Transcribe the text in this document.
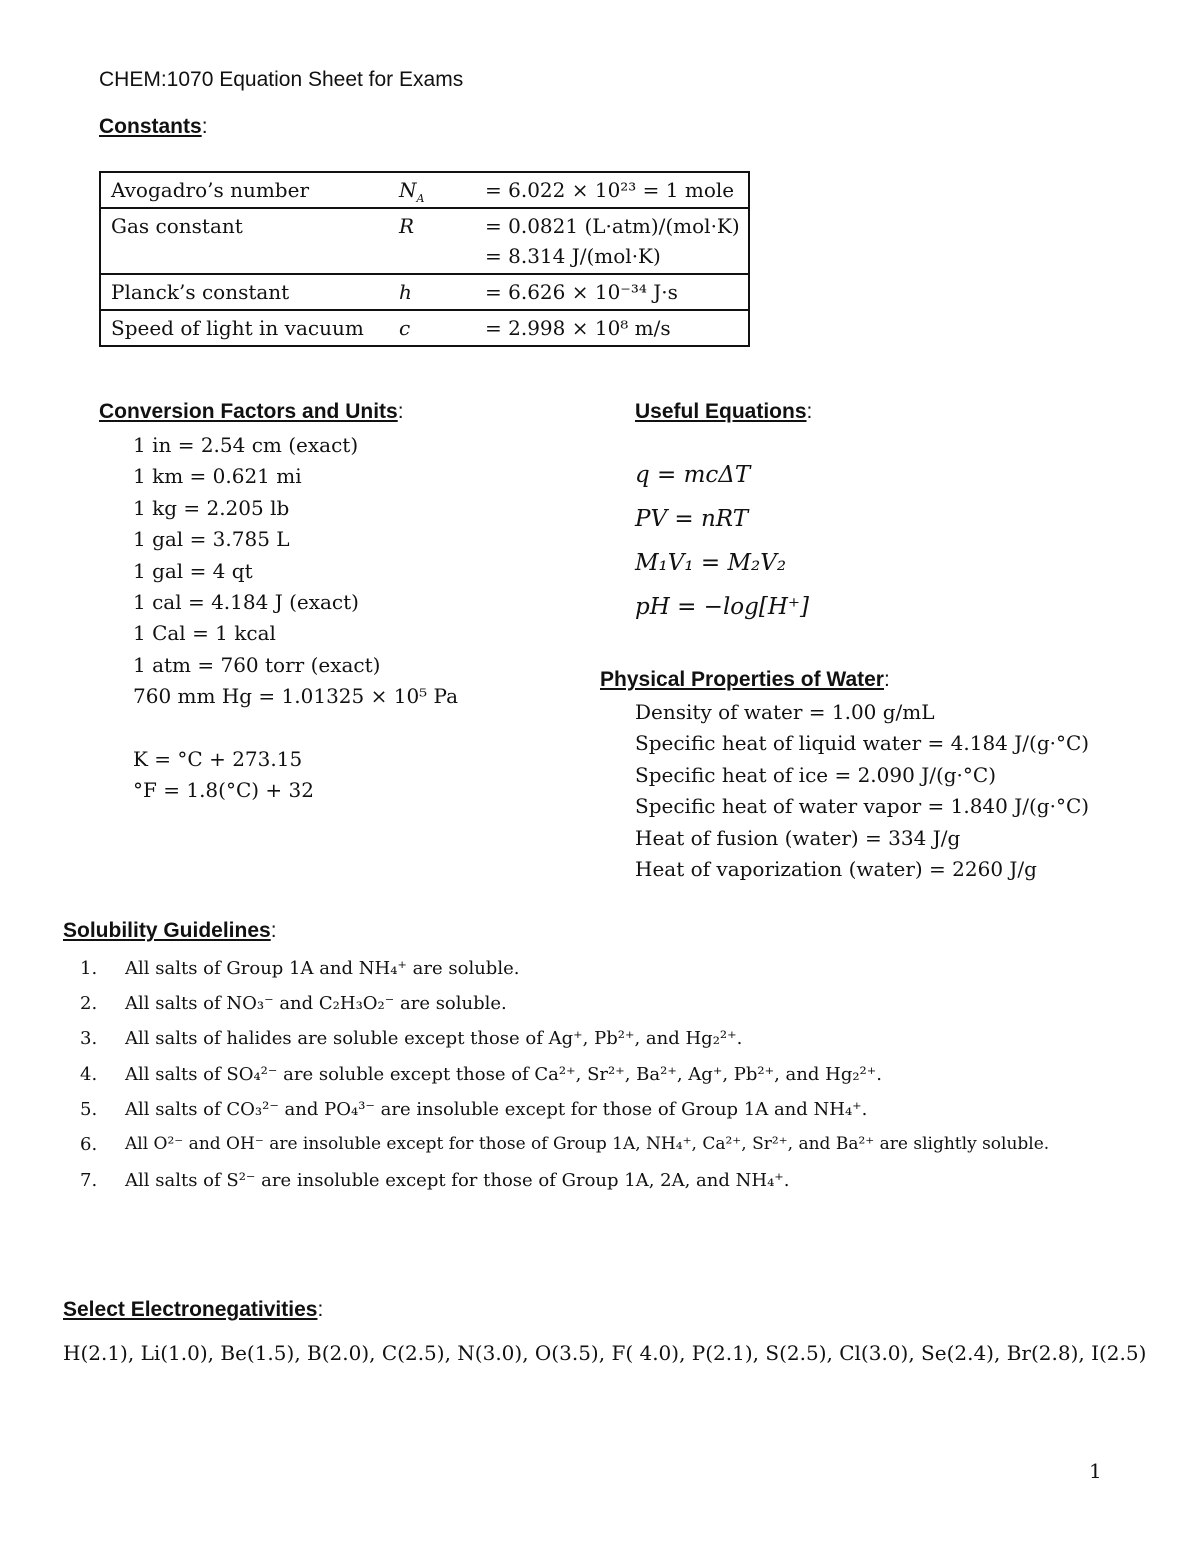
CHEM:1070 Equation Sheet for Exams
Constants:
Avogadro’s number	$N_A$	= 6.022 × 10²³ = 1 mole

Gas constant	R	= 0.0821 (L·atm)/(mol·K)
= 8.314 J/(mol·K)

Planck’s constant	h	= 6.626 × 10⁻³⁴ J·s

Speed of light in vacuum	c	= 2.998 × 10⁸ m/s
Conversion Factors and Units:
1 in = 2.54 cm (exact)
1 km = 0.621 mi
1 kg = 2.205 lb
1 gal = 3.785 L
1 gal = 4 qt
1 cal = 4.184 J (exact)
1 Cal = 1 kcal
1 atm = 760 torr (exact)
760 mm Hg = 1.01325 × 10⁵ Pa
K = °C + 273.15
°F = 1.8(°C) + 32
Useful Equations:
q = mcΔT
PV = nRT
M₁V₁ = M₂V₂
pH = −log[H⁺]
Physical Properties of Water:
Density of water = 1.00 g/mL
Specific heat of liquid water = 4.184 J/(g·°C)
Specific heat of ice = 2.090 J/(g·°C)
Specific heat of water vapor = 1.840 J/(g·°C)
Heat of fusion (water) = 334 J/g
Heat of vaporization (water) = 2260 J/g
Solubility Guidelines:
1. All salts of Group 1A and NH₄⁺ are soluble.
2. All salts of NO₃⁻ and C₂H₃O₂⁻ are soluble.
3. All salts of halides are soluble except those of Ag⁺, Pb²⁺, and Hg₂²⁺.
4. All salts of SO₄²⁻ are soluble except those of Ca²⁺, Sr²⁺, Ba²⁺, Ag⁺, Pb²⁺, and Hg₂²⁺.
5. All salts of CO₃²⁻ and PO₄³⁻ are insoluble except for those of Group 1A and NH₄⁺.
6. All O²⁻ and OH⁻ are insoluble except for those of Group 1A, NH₄⁺, Ca²⁺, Sr²⁺, and Ba²⁺ are slightly soluble.
7. All salts of S²⁻ are insoluble except for those of Group 1A, 2A, and NH₄⁺.
Select Electronegativities:
H(2.1), Li(1.0), Be(1.5), B(2.0), C(2.5), N(3.0), O(3.5), F( 4.0), P(2.1), S(2.5), Cl(3.0), Se(2.4), Br(2.8), I(2.5)
1
